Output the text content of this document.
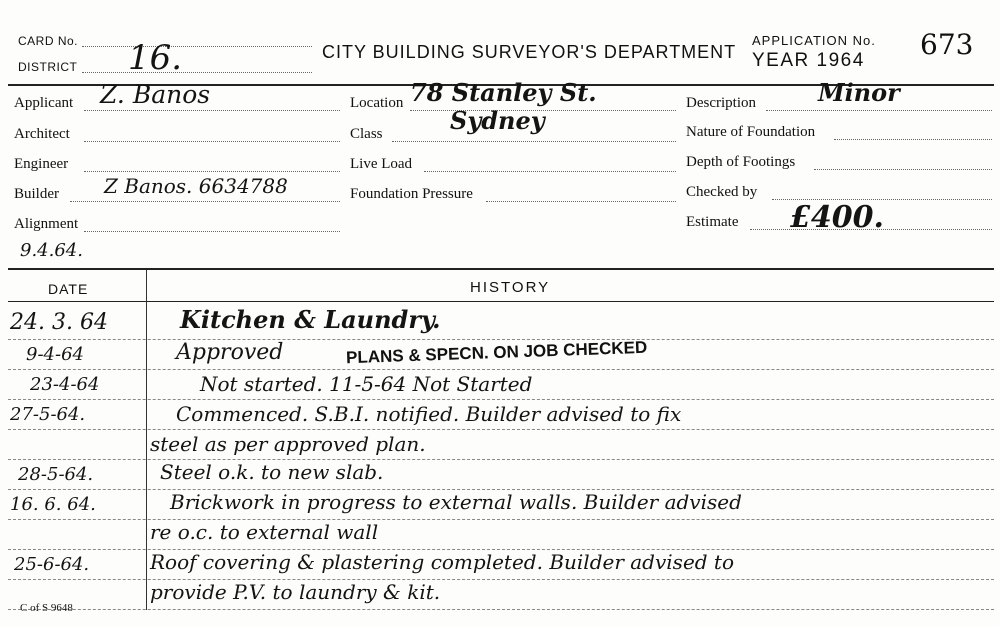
CARD No.
DISTRICT 16.	CITY BUILDING SURVEYOR'S DEPARTMENT
APPLICATION No. 673
YEAR 1964
Applicant Z. Banos
Architect
Engineer
Builder Z Banos. 6634788
Alignment
9.4.64.
Location 78 Stanley St.
Sydney
Class
Live Load
Foundation Pressure
Description	Minor
Nature of Foundation
Depth of Footings
Checked by
Estimate £400.
DATE	HISTORY
24. 3. 64	Kitchen & Laundry.
9-4-64	Approved	PLANS & SPECN. ON JOB CHECKED
23-4-64	Not started. 11-5-64 Not Started
27-5-64.	Commenced. S.B.I. notified. Builder advised to fix
steel as per approved plan.
28-5-64.	Steel o.k. to new slab.
16. 6. 64.	Brickwork in progress to external walls. Builder advised
re o.c. to external wall
25-6-64.	Roof covering & plastering completed. Builder advised to
provide P.V. to laundry & kit.
C of S 9648
